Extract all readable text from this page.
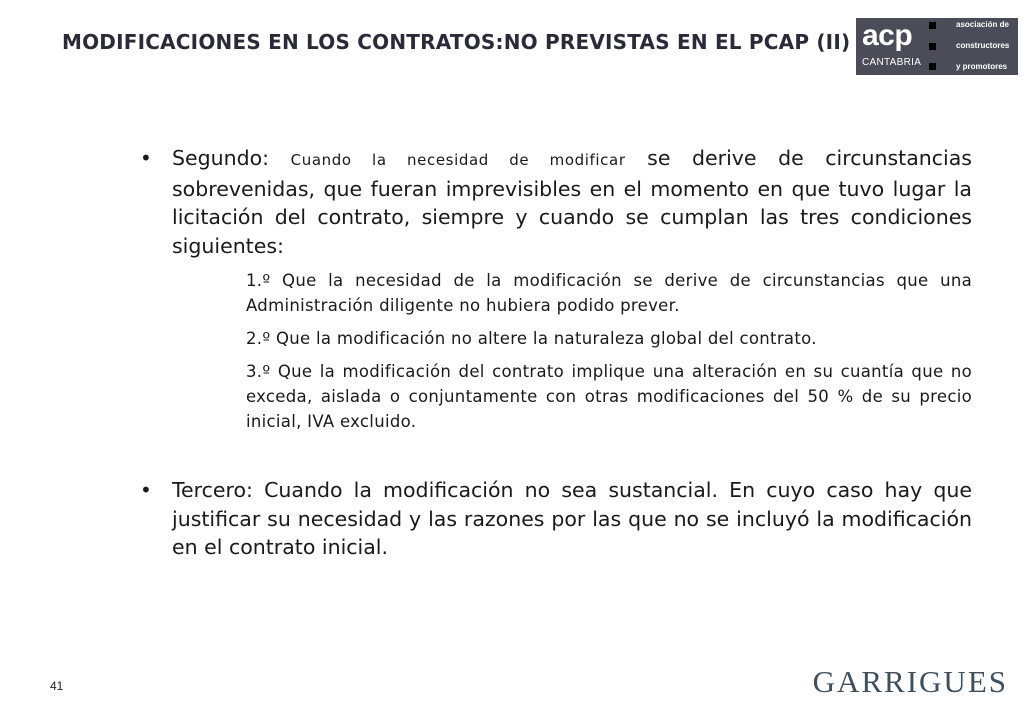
MODIFICACIONES EN LOS CONTRATOS:NO PREVISTAS EN EL PCAP (II) acp
CANTABRIA
asociación de
constructores
y promotores
• Segundo: Cuando la necesidad de modificar se derive de circunstancias sobrevenidas, que fueran imprevisibles en el momento en que tuvo lugar la licitación del contrato, siempre y cuando se cumplan las tres condiciones siguientes:

1.º Que la necesidad de la modificación se derive de circunstancias que una Administración diligente no hubiera podido prever.
2.º Que la modificación no altere la naturaleza global del contrato.
3.º Que la modificación del contrato implique una alteración en su cuantía que no exceda, aislada o conjuntamente con otras modificaciones del 50 % de su precio inicial, IVA excluido.
• Tercero: Cuando la modificación no sea sustancial. En cuyo caso hay que justificar su necesidad y las razones por las que no se incluyó la modificación en el contrato inicial.

41	GARRIGUES
